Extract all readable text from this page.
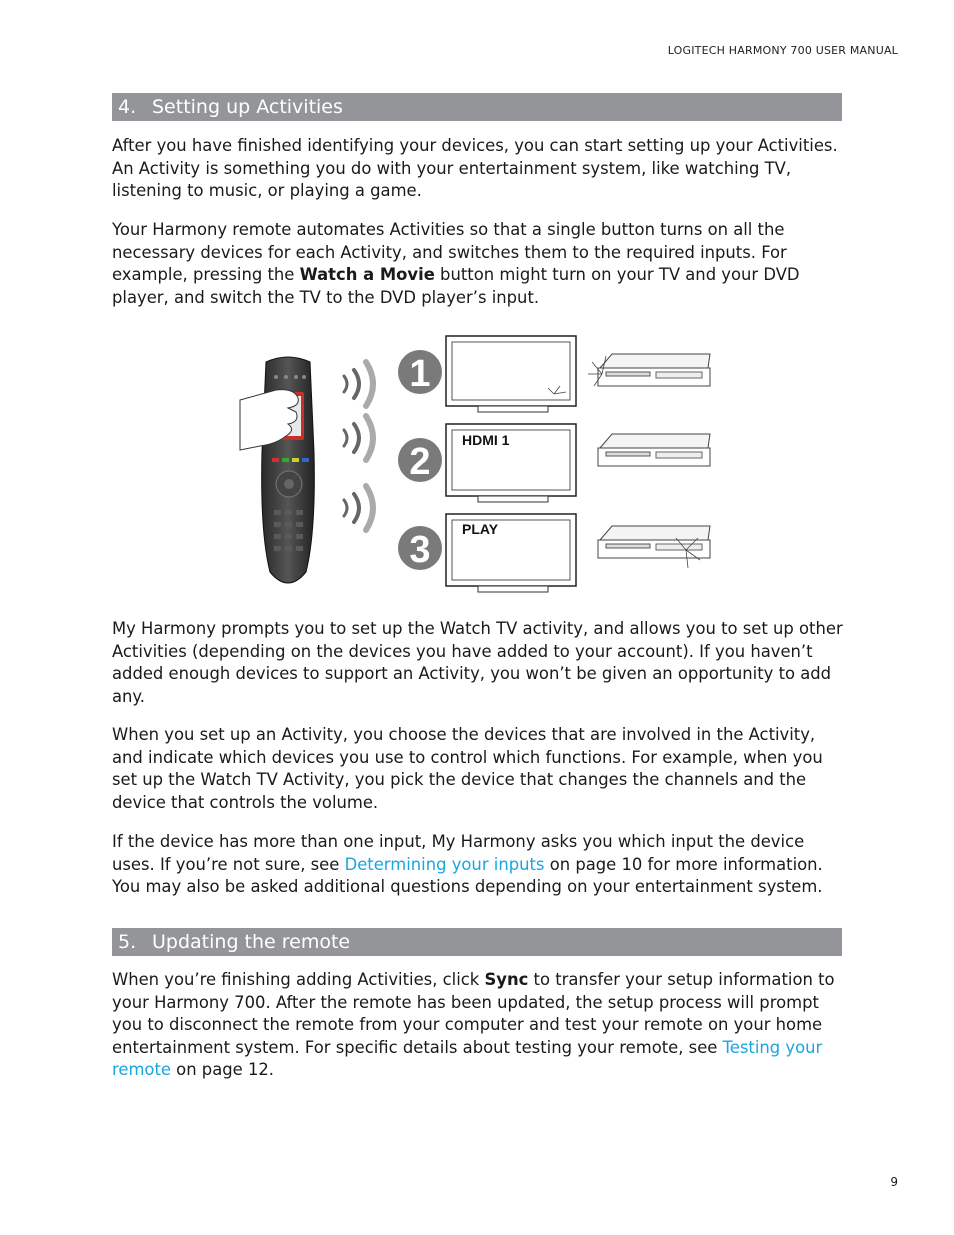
LOGITECH HARMONY 700 USER MANUAL
4. Setting up Activities

After you have finished identifying your devices, you can start setting up your Activities. An Activity is something you do with your entertainment system, like watching TV, listening to music, or playing a game.

Your Harmony remote automates Activities so that a single button turns on all the necessary devices for each Activity, and switches them to the required inputs. For example, pressing the Watch a Movie button might turn on your TV and your DVD player, and switch the TV to the DVD player’s input.

1
2
3
HDMI 1
PLAY

My Harmony prompts you to set up the Watch TV activity, and allows you to set up other Activities (depending on the devices you have added to your account). If you haven’t added enough devices to support an Activity, you won’t be given an opportunity to add any.

When you set up an Activity, you choose the devices that are involved in the Activity, and indicate which devices you use to control which functions. For example, when you set up the Watch TV Activity, you pick the device that changes the channels and the device that controls the volume.

If the device has more than one input, My Harmony asks you which input the device uses. If you’re not sure, see Determining your inputs on page 10 for more information. You may also be asked additional questions depending on your entertainment system.

5. Updating the remote

When you’re finishing adding Activities, click Sync to transfer your setup information to your Harmony 700. After the remote has been updated, the setup process will prompt you to disconnect the remote from your computer and test your remote on your home entertainment system. For specific details about testing your remote, see Testing your remote on page 12.

9
